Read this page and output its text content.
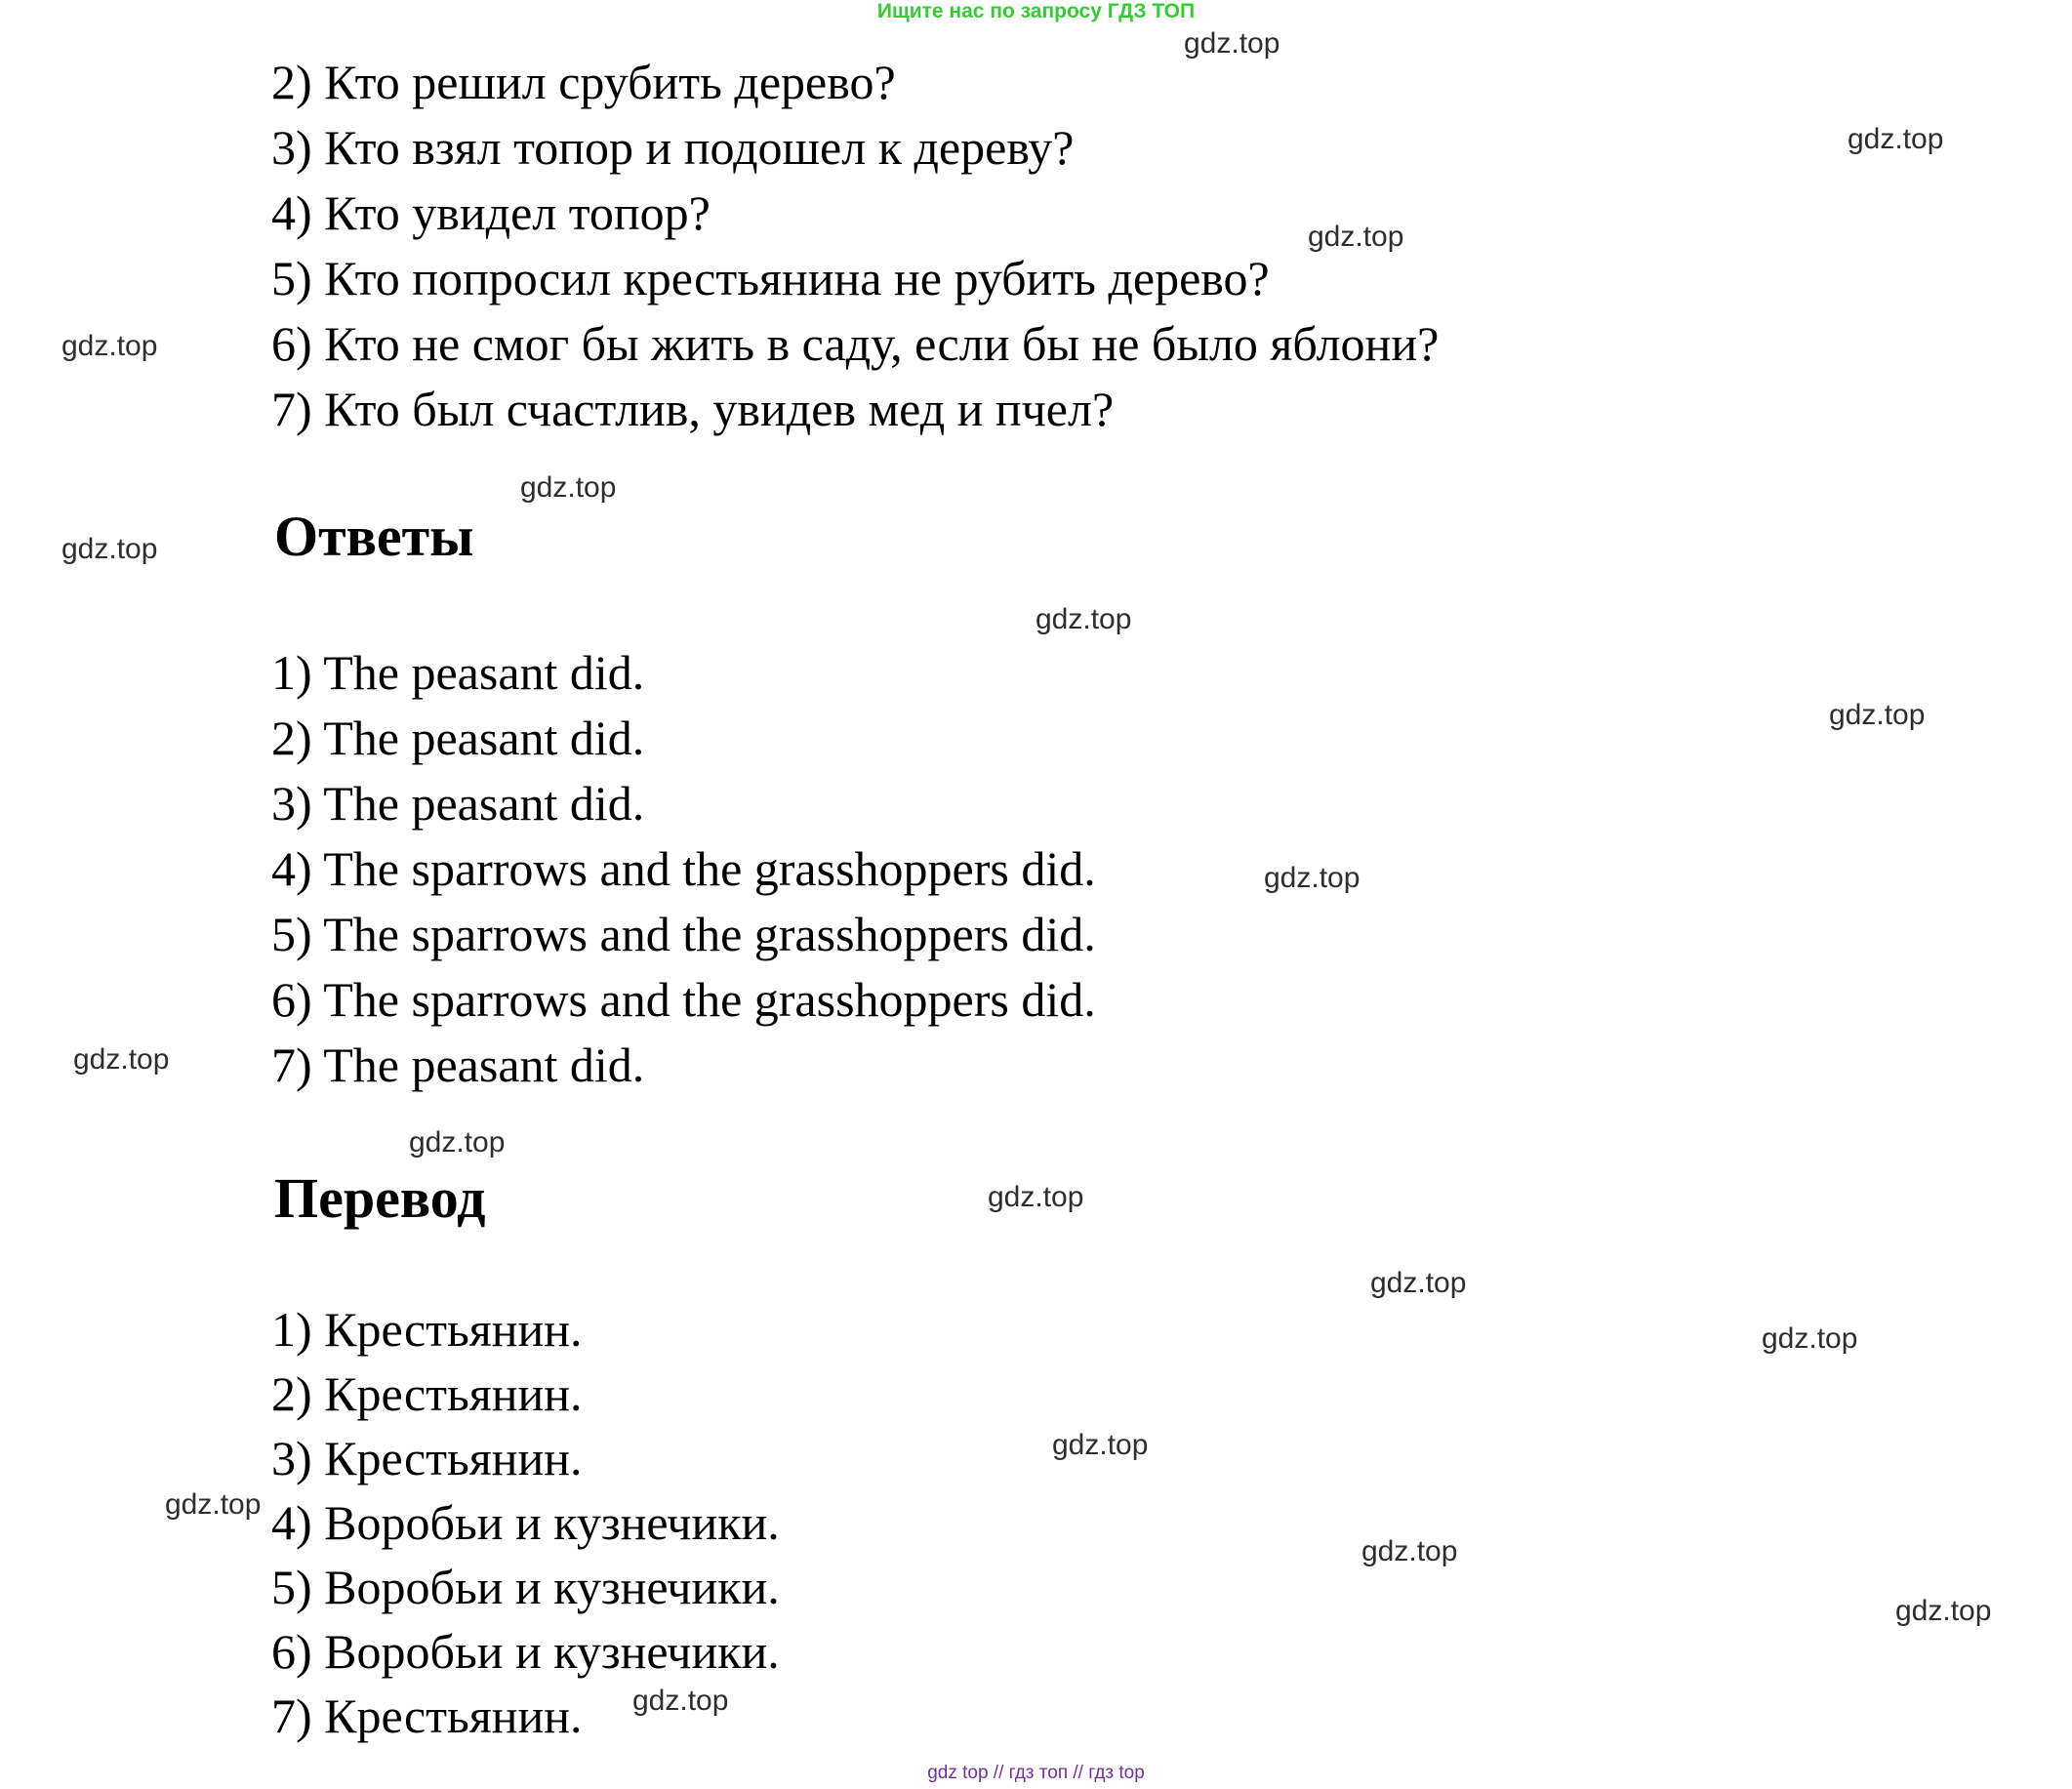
Ищите нас по запросу ГДЗ ТОП
gdz.top
gdz.top
gdz.top
gdz.top
gdz.top
gdz.top
gdz.top
gdz.top
gdz.top
gdz.top
gdz.top
gdz.top
gdz.top
gdz.top
gdz.top
gdz.top
gdz.top
gdz.top
gdz.top
2) Кто решил срубить дерево?
3) Кто взял топор и подошел к дереву?
4) Кто увидел топор?
5) Кто попросил крестьянина не рубить дерево?
6) Кто не смог бы жить в саду, если бы не было яблони?
7) Кто был счастлив, увидев мед и пчел?
Ответы
1) The peasant did.
2) The peasant did.
3) The peasant did.
4) The sparrows and the grasshoppers did.
5) The sparrows and the grasshoppers did.
6) The sparrows and the grasshoppers did.
7) The peasant did.
Перевод
1) Крестьянин.
2) Крестьянин.
3) Крестьянин.
4) Воробьи и кузнечики.
5) Воробьи и кузнечики.
6) Воробьи и кузнечики.
7) Крестьянин.
gdz top // гдз топ // гдз top
